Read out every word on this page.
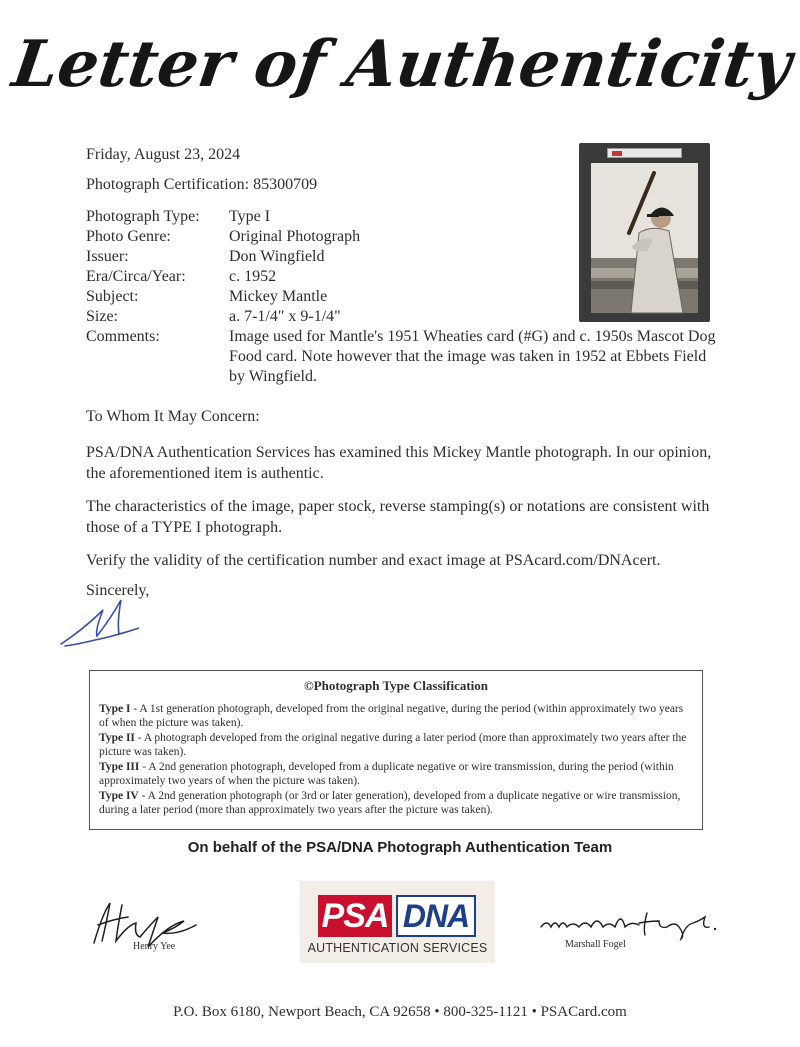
Letter of Authenticity
Friday, August 23, 2024
Photograph Certification: 85300709
Photograph Type:	Type I
Photo Genre:	Original Photograph
Issuer:	Don Wingfield
Era/Circa/Year:	c. 1952
Subject:	Mickey Mantle
Size:	a. 7-1/4" x 9-1/4"
Comments:	Image used for Mantle's 1951 Wheaties card (#G) and c. 1950s Mascot Dog Food card. Note however that the image was taken in 1952 at Ebbets Field by Wingfield.

To Whom It May Concern:

PSA/DNA Authentication Services has examined this Mickey Mantle photograph. In our opinion, the aforementioned item is authentic.

The characteristics of the image, paper stock, reverse stamping(s) or notations are consistent with those of a TYPE I photograph.

Verify the validity of the certification number and exact image at PSAcard.com/DNAcert.

Sincerely,
©Photograph Type Classification
Type I - A 1st generation photograph, developed from the original negative, during the period (within approximately two years of when the picture was taken).
Type II - A photograph developed from the original negative during a later period (more than approximately two years after the picture was taken).
Type III - A 2nd generation photograph, developed from a duplicate negative or wire transmission, during the period (within approximately two years of when the picture was taken).
Type IV - A 2nd generation photograph (or 3rd or later generation), developed from a duplicate negative or wire transmission, during a later period (more than approximately two years after the picture was taken).
On behalf of the PSA/DNA Photograph Authentication Team
Henry Yee
PSA DNA
AUTHENTICATION SERVICES	Marshall Fogel
P.O. Box 6180, Newport Beach, CA 92658 • 800-325-1121 • PSACard.com
